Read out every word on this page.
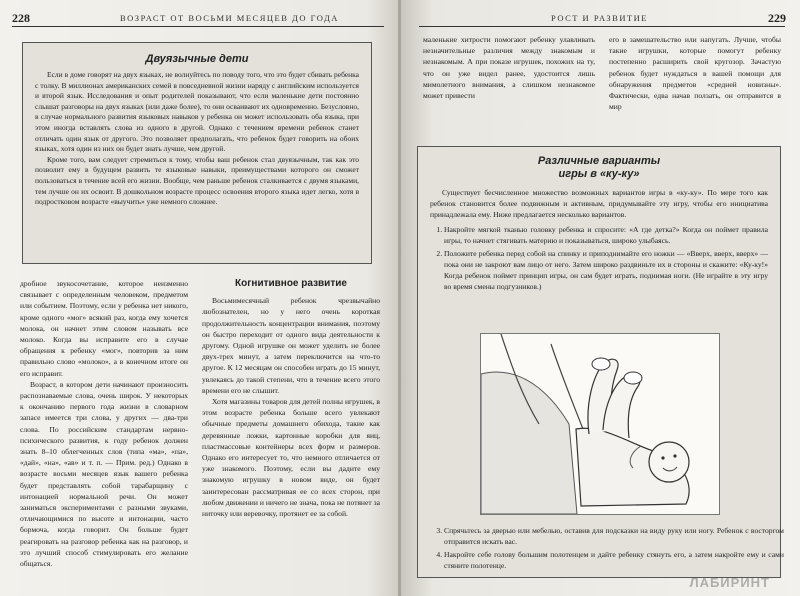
228	ВОЗРАСТ ОТ ВОСЬМИ МЕСЯЦЕВ ДО ГОДА
Двуязычные дети

Если в доме говорят на двух языках, не волнуйтесь по поводу того, что это будет сбивать ребенка с толку. В миллионах американских семей в повседневной жизни наряду с английским используется и второй язык. Исследования и опыт родителей показывают, что если маленькие дети постоянно слышат разговоры на двух языках (или даже более), то они осваивают их одновременно. Безусловно, в случае нормального развития языковых навыков у ребенка он может использовать оба языка, при этом иногда вставлять слова из одного в другой. Однако с течением времени ребенок станет отличать один язык от другого. Это позволяет предполагать, что ребенок будет говорить на обоих языках, хотя один из них он будет знать лучше, чем другой.

Кроме того, вам следует стремиться к тому, чтобы ваш ребенок стал двуязычным, так как это позволит ему в будущем развить те языковые навыки, преимуществами которого он сможет пользоваться в течение всей его жизни. Вообще, чем раньше ребенок сталкивается с двумя языками, тем лучше он их освоит. В дошкольном возрасте процесс освоения второго языка идет легко, хотя в подростковом возрасте «выучить» уже немного сложнее.

дробное звукосочетание, которое неизменно связывает с определенным человеком, предметом или событием. Поэтому, если у ребенка нет никого, кроме одного «мог» всякий раз, когда ему хочется молока, он начнет этим словом называть все молоко. Когда вы исправите его в случае обращения к ребенку «мог», повторив за ним правильно слово «молоко», а в конечном итоге он его исправит.

Возраст, в котором дети начинают произносить распознаваемые слова, очень широк. У некоторых к окончанию первого года жизни в словарном запасе имеется три слова, у других — два-три слова. По российским стандартам нервно-психического развития, к году ребенок должен знать 8–10 облегченных слов (типа «ма», «па», «дай», «на», «ав» и т. п. — Прим. ред.) Однако в возрасте восьми месяцев язык вашего ребенка будет представлять собой тарабарщину с интонацией нормальной речи. Он может заниматься экспериментами с разными звуками, отличающимися по высоте и интонации, часто бормоча, когда говорит. Он больше будет реагировать на разговор ребенка как на разговор, и это лучший способ стимулировать его желание общаться.

Когнитивное развитие

Восьмимесячный ребенок чрезвычайно любознателен, но у него очень короткая продолжительность концентрации внимания, поэтому он быстро переходит от одного вида деятельности к другому. Одной игрушке он может уделить не более двух-трех минут, а затем переключится на что-то другое. К 12 месяцам он способен играть до 15 минут, увлекаясь до такой степени, что в течение всего этого времени его не слышит.

Хотя магазины товаров для детей полны игрушек, в этом возрасте ребенка больше всего увлекают обычные предметы домашнего обихода, такие как деревянные ложки, картонные коробки для яиц, пластмассовые контейнеры всех форм и размеров. Однако его интересует то, что немного отличается от уже знакомого. Поэтому, если вы дадите ему знакомую игрушку в новом виде, он будет заинтересован рассматривая ее со всех сторон, при любом движении и ничего не знача, пока не потянет за ниточку или веревочку, протянет ее за собой.

РОСТ И РАЗВИТИЕ	229

маленькие хитрости помогают ребенку улавливать незначительные различия между знакомым и незнакомым. А при показе игрушек, похожих на ту, что он уже видел ранее, удостоится лишь мимолетного внимания, а слишком незнакомое может привести

его в замешательство или напугать. Лучше, чтобы такие игрушки, которые помогут ребенку постепенно расширить свой кругозор. Зачастую ребенок будет нуждаться в вашей помощи для обнаружения предметов «средней новизны». Фактически, едва начав ползать, он отправится в мир

Различные варианты
игры в «ку-ку»

Существует бесчисленное множество возможных вариантов игры в «ку-ку». По мере того как ребенок становится более подвижным и активным, придумывайте эту игру, чтобы его инициатива принадлежала ему. Ниже предлагается несколько вариантов.

1. Накройте мягкой тканью головку ребенка и спросите: «А где детка?» Когда он поймет правила игры, то начнет стягивать материю и показываться, широко улыбаясь.
2. Положите ребенка перед собой на спинку и приподнимайте его ножки — «Вверх, вверх, вверх» — пока они не закроют вам лицо от него. Затем широко раздвиньте их в стороны и скажите: «Ку-ку!» Когда ребенок поймет принцип игры, он сам будет играть, поднимая ноги. (Не играйте в эту игру во время смены подгузников.)
3. Спрячьтесь за дверью или мебелью, оставив для подсказки на виду руку или ногу. Ребенок с восторгом отправится искать вас.
4. Накройте себе голову большим полотенцем и дайте ребенку стянуть его, а затем накройте ему и сами стяните полотенце.
ЛАБИРИНТ
